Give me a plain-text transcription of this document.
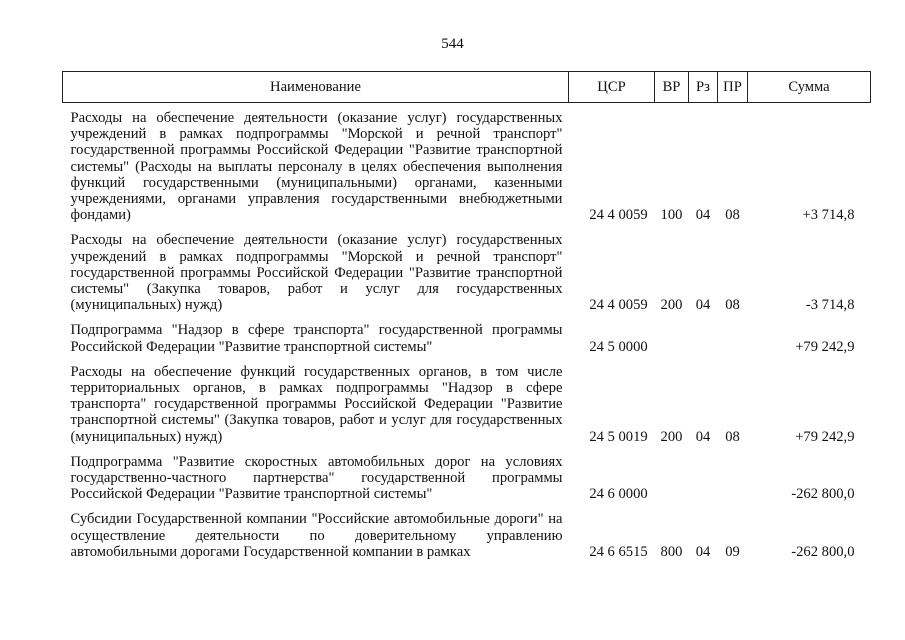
544
Наименование	ЦСР	ВР	Рз	ПР	Сумма
Расходы на обеспечение деятельности (оказание услуг) государственных учреждений в рамках подпрограммы "Морской и речной транспорт" государственной программы Российской Федерации "Развитие транспортной системы" (Расходы на выплаты персоналу в целях обеспечения выполнения функций государственными (муниципальными) органами, казенными учреждениями, органами управления государственными внебюджетными фондами)	24 4 0059	100	04	08	+3 714,8
Расходы на обеспечение деятельности (оказание услуг) государственных учреждений в рамках подпрограммы "Морской и речной транспорт" государственной программы Российской Федерации "Развитие транспортной системы" (Закупка товаров, работ и услуг для государственных (муниципальных) нужд)	24 4 0059	200	04	08	-3 714,8
Подпрограмма "Надзор в сфере транспорта" государственной программы Российской Федерации "Развитие транспортной системы"	24 5 0000				+79 242,9
Расходы на обеспечение функций государственных органов, в том числе территориальных органов, в рамках подпрограммы "Надзор в сфере транспорта" государственной программы Российской Федерации "Развитие транспортной системы" (Закупка товаров, работ и услуг для государственных (муниципальных) нужд)	24 5 0019	200	04	08	+79 242,9
Подпрограмма "Развитие скоростных автомобильных дорог на условиях государственно-частного партнерства" государственной программы Российской Федерации "Развитие транспортной системы"	24 6 0000				-262 800,0
Субсидии Государственной компании "Российские автомобильные дороги" на осуществление деятельности по доверительному управлению автомобильными дорогами Государственной компании в рамках	24 6 6515	800	04	09	-262 800,0
